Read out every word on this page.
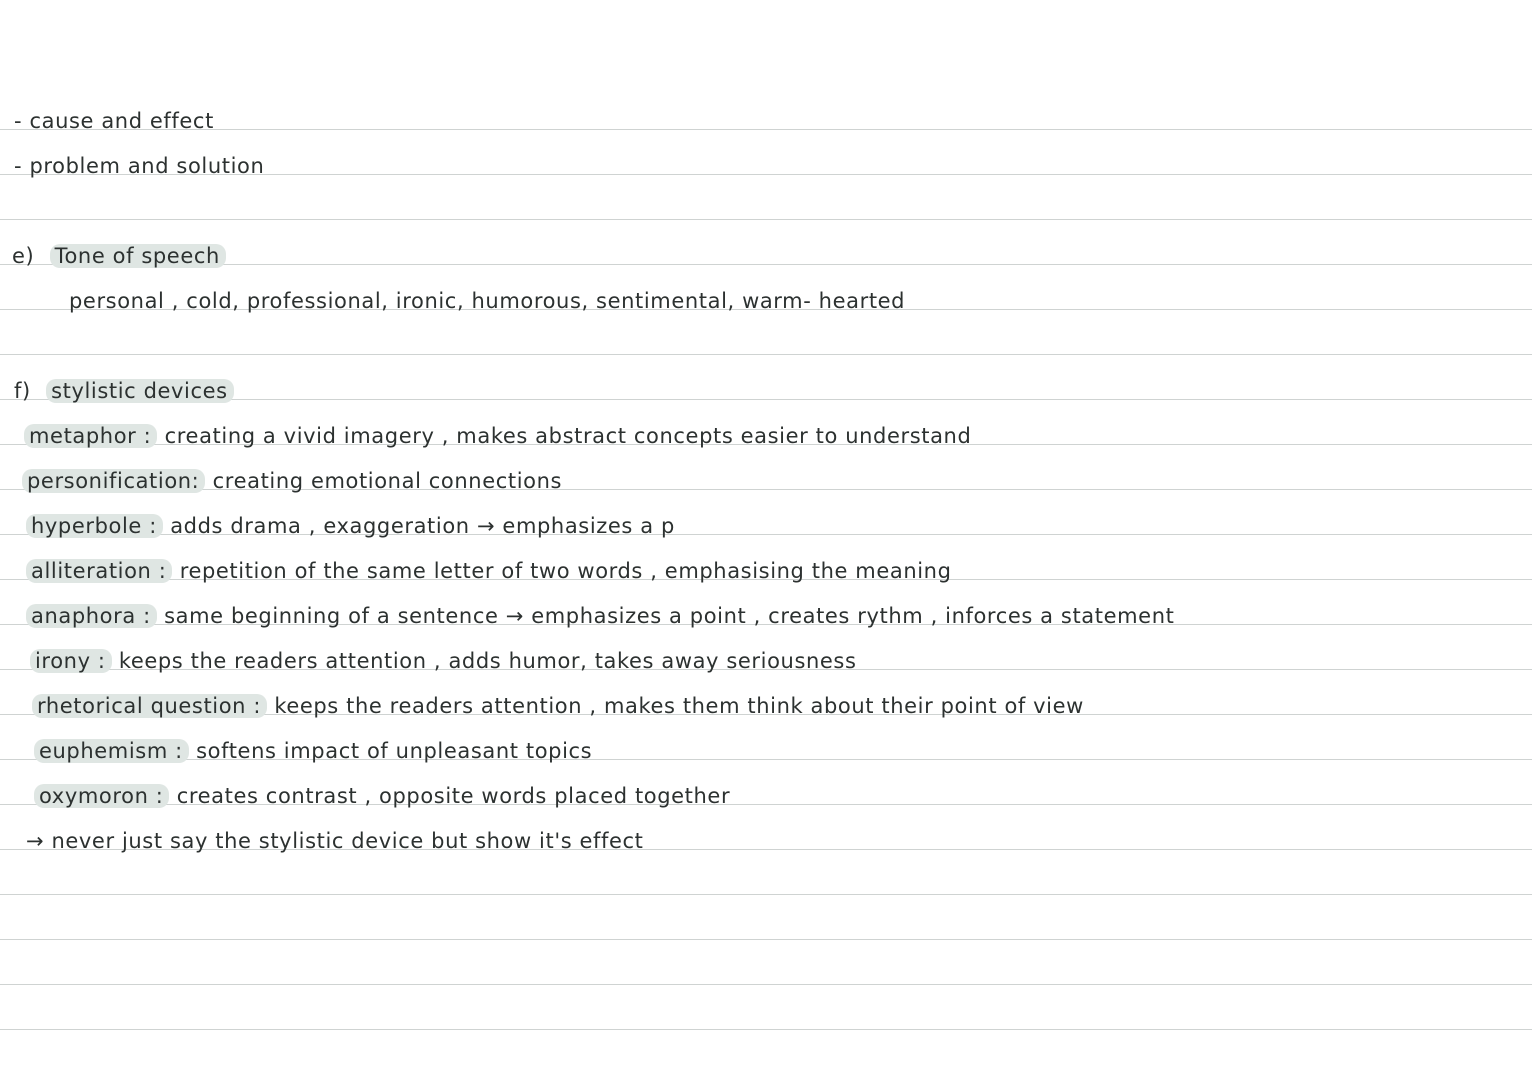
- cause and effect
- problem and solution
e) Tone of speech
personal , cold, professional, ironic, humorous, sentimental, warm- hearted
f) stylistic devices
metaphor : creating a vivid imagery , makes abstract concepts easier to understand
personification: creating emotional connections
hyperbole : adds drama , exaggeration → emphasizes a p
alliteration : repetition of the same letter of two words , emphasising the meaning
anaphora : same beginning of a sentence → emphasizes a point , creates rythm , inforces a statement
irony : keeps the readers attention , adds humor, takes away seriousness
rhetorical question : keeps the readers attention , makes them think about their point of view
euphemism : softens impact of unpleasant topics
oxymoron : creates contrast , opposite words placed together
→ never just say the stylistic device but show it's effect
